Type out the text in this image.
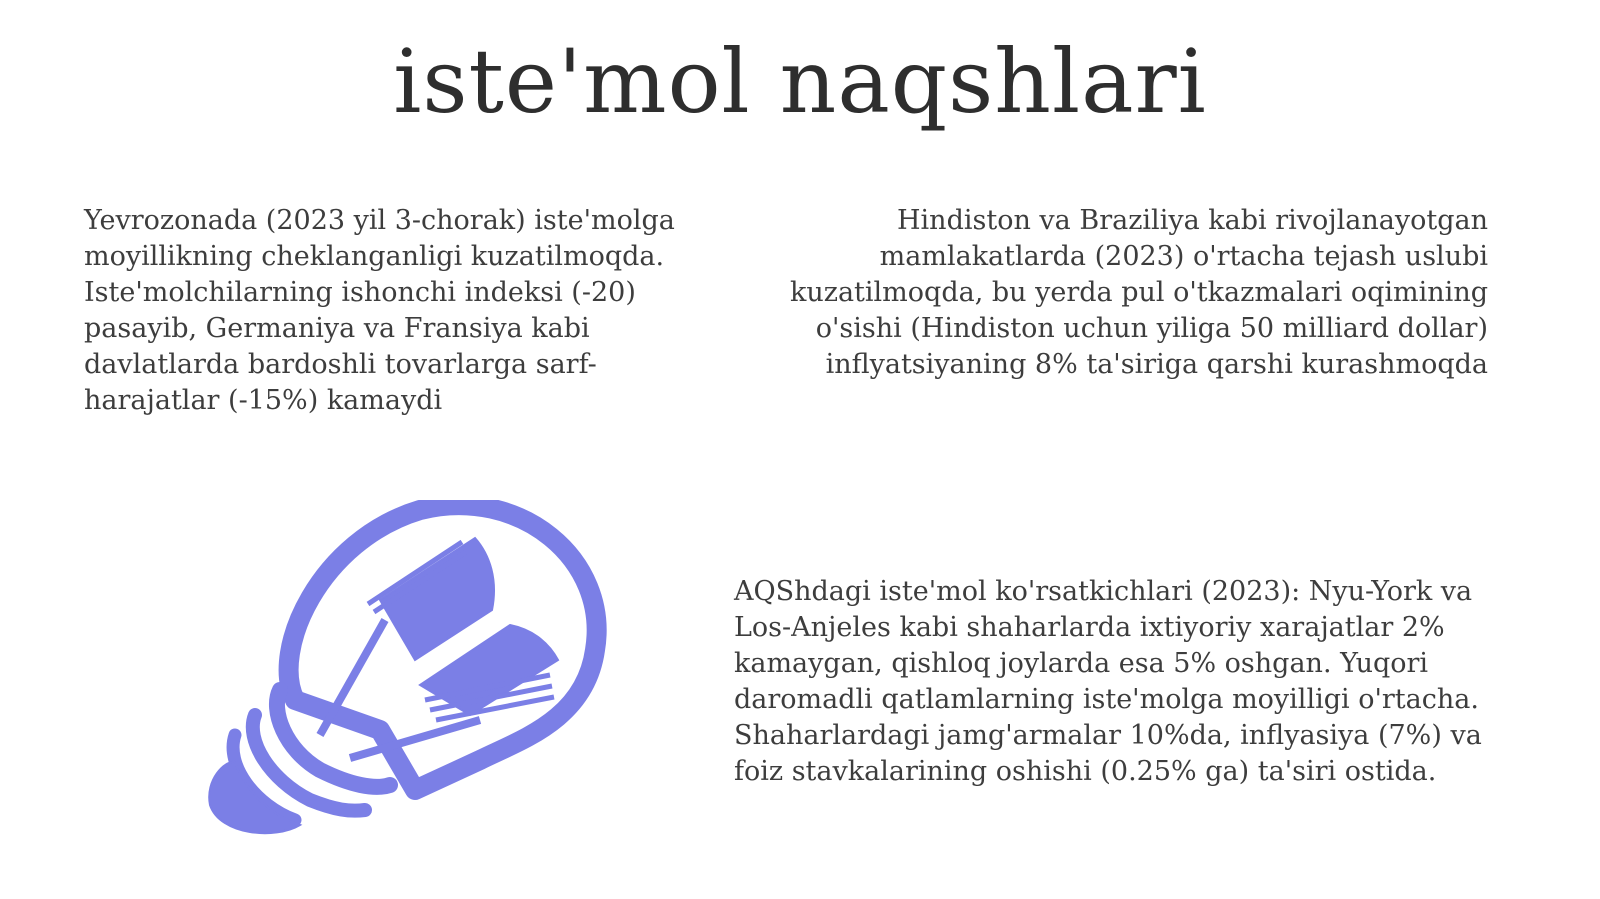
iste'mol naqshlari

Yevrozonada (2023 yil 3-chorak) iste'molga moyillikning cheklanganligi kuzatilmoqda. Iste'molchilarning ishonchi indeksi (-20) pasayib, Germaniya va Fransiya kabi davlatlarda bardoshli tovarlarga sarf-harajatlar (-15%) kamaydi

Hindiston va Braziliya kabi rivojlanayotgan mamlakatlarda (2023) o'rtacha tejash uslubi kuzatilmoqda, bu yerda pul o'tkazmalari oqimining o'sishi (Hindiston uchun yiliga 50 milliard dollar) inflyatsiyaning 8% ta'siriga qarshi kurashmoqda

AQShdagi iste'mol ko'rsatkichlari (2023): Nyu-York va Los-Anjeles kabi shaharlarda ixtiyoriy xarajatlar 2% kamaygan, qishloq joylarda esa 5% oshgan. Yuqori daromadli qatlamlarning iste'molga moyilligi o'rtacha. Shaharlardagi jamg'armalar 10%da, inflyasiya (7%) va foiz stavkalarining oshishi (0.25% ga) ta'siri ostida.
